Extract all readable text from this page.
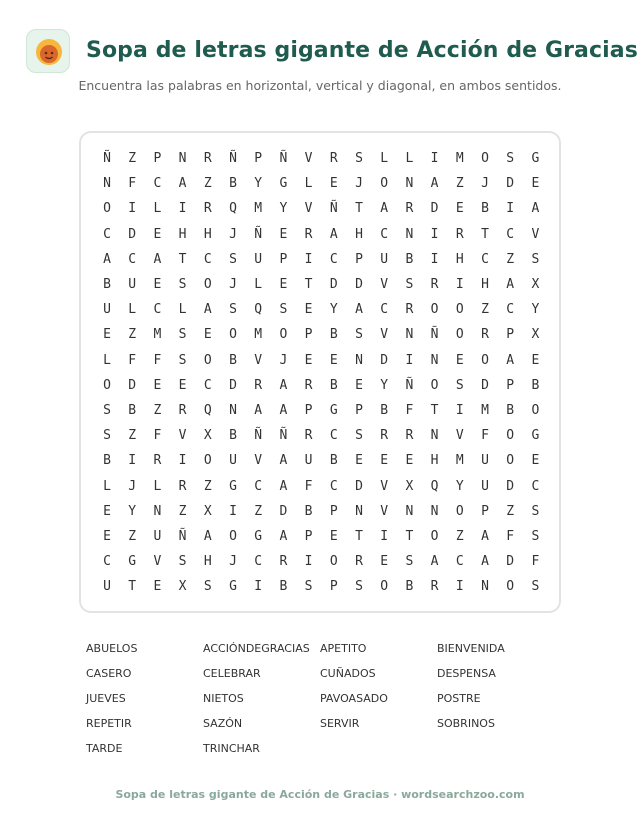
Sopa de letras gigante de Acción de Gracias
Encuentra las palabras en horizontal, vertical y diagonal, en ambos sentidos.
Ñ	Z	P	N	R	Ñ	P	Ñ	V	R	S	L	L	I	M	O	S	G
N	F	C	A	Z	B	Y	G	L	E	J	O	N	A	Z	J	D	E
O	I	L	I	R	Q	M	Y	V	Ñ	T	A	R	D	E	B	I	A
C	D	E	H	H	J	Ñ	E	R	A	H	C	N	I	R	T	C	V
A	C	A	T	C	S	U	P	I	C	P	U	B	I	H	C	Z	S
B	U	E	S	O	J	L	E	T	D	D	V	S	R	I	H	A	X
U	L	C	L	A	S	Q	S	E	Y	A	C	R	O	O	Z	C	Y
E	Z	M	S	E	O	M	O	P	B	S	V	N	Ñ	O	R	P	X
L	F	F	S	O	B	V	J	E	E	N	D	I	N	E	O	A	E
O	D	E	E	C	D	R	A	R	B	E	Y	Ñ	O	S	D	P	B
S	B	Z	R	Q	N	A	A	P	G	P	B	F	T	I	M	B	O
S	Z	F	V	X	B	Ñ	Ñ	R	C	S	R	R	N	V	F	O	G
B	I	R	I	O	U	V	A	U	B	E	E	E	H	M	U	O	E
L	J	L	R	Z	G	C	A	F	C	D	V	X	Q	Y	U	D	C
E	Y	N	Z	X	I	Z	D	B	P	N	V	N	N	O	P	Z	S
E	Z	U	Ñ	A	O	G	A	P	E	T	I	T	O	Z	A	F	S
C	G	V	S	H	J	C	R	I	O	R	E	S	A	C	A	D	F
U	T	E	X	S	G	I	B	S	P	S	O	B	R	I	N	O	S
ABUELOS	ACCIÓNDEGRACIAS APETITO	BIENVENIDA
CASERO	CELEBRAR	CUÑADOS	DESPENSA
JUEVES	NIETOS	PAVOASADO	POSTRE
REPETIR	SAZÓN	SERVIR	SOBRINOS
TARDE	TRINCHAR
Sopa de letras gigante de Acción de Gracias · wordsearchzoo.com
